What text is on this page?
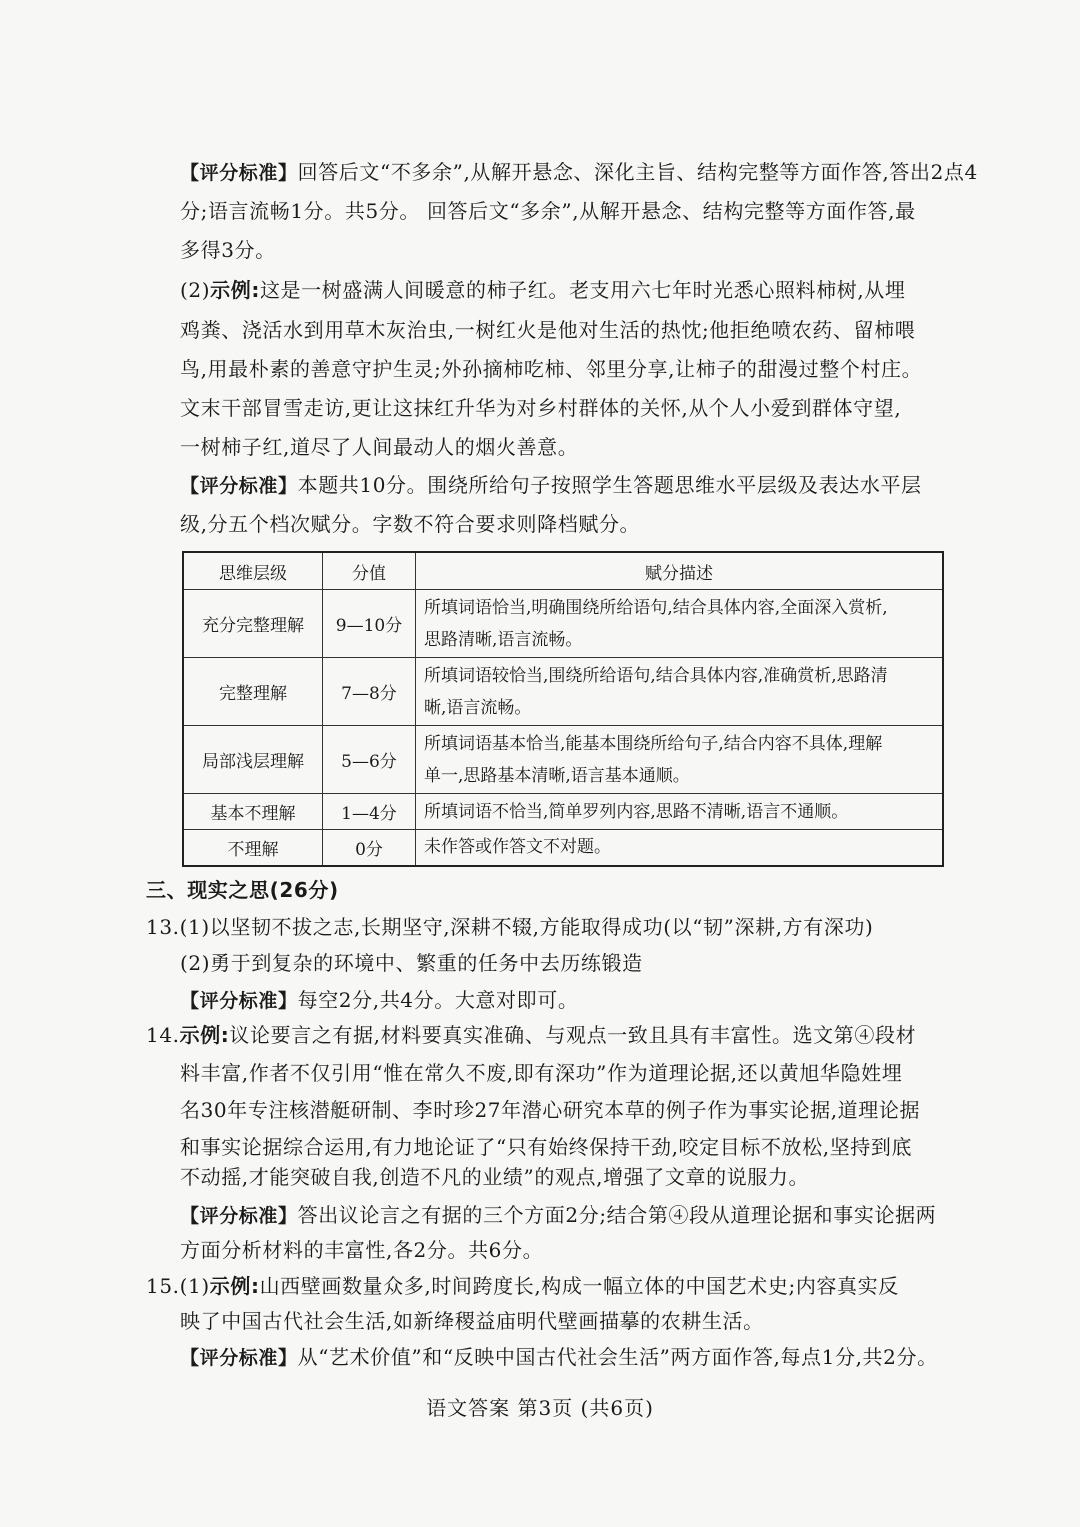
【评分标准】回答后文“不多余”,从解开悬念、深化主旨、结构完整等方面作答,答出2点4
分;语言流畅1分。共5分。 回答后文“多余”,从解开悬念、结构完整等方面作答,最
多得3分。
(2)示例:这是一树盛满人间暖意的柿子红。老支用六七年时光悉心照料柿树,从埋
鸡粪、浇活水到用草木灰治虫,一树红火是他对生活的热忱;他拒绝喷农药、留柿喂
鸟,用最朴素的善意守护生灵;外孙摘柿吃柿、邻里分享,让柿子的甜漫过整个村庄。
文末干部冒雪走访,更让这抹红升华为对乡村群体的关怀,从个人小爱到群体守望,
一树柿子红,道尽了人间最动人的烟火善意。
【评分标准】本题共10分。围绕所给句子按照学生答题思维水平层级及表达水平层
级,分五个档次赋分。字数不符合要求则降档赋分。
思维层级	分值	赋分描述
充分完整理解	9—10分	所填词语恰当,明确围绕所给语句,结合具体内容,全面深入赏析,
思路清晰,语言流畅。
完整理解	7—8分	所填词语较恰当,围绕所给语句,结合具体内容,准确赏析,思路清
晰,语言流畅。
局部浅层理解	5—6分	所填词语基本恰当,能基本围绕所给句子,结合内容不具体,理解
单一,思路基本清晰,语言基本通顺。
基本不理解	1—4分	所填词语不恰当,简单罗列内容,思路不清晰,语言不通顺。
不理解	0分	未作答或作答文不对题。
三、现实之思(26分)
13.(1)以坚韧不拔之志,长期坚守,深耕不辍,方能取得成功(以“韧”深耕,方有深功)
(2)勇于到复杂的环境中、繁重的任务中去历练锻造
【评分标准】每空2分,共4分。大意对即可。
14.示例:议论要言之有据,材料要真实准确、与观点一致且具有丰富性。选文第④段材
料丰富,作者不仅引用“惟在常久不废,即有深功”作为道理论据,还以黄旭华隐姓埋
名30年专注核潜艇研制、李时珍27年潜心研究本草的例子作为事实论据,道理论据
和事实论据综合运用,有力地论证了“只有始终保持干劲,咬定目标不放松,坚持到底
不动摇,才能突破自我,创造不凡的业绩”的观点,增强了文章的说服力。
【评分标准】答出议论言之有据的三个方面2分;结合第④段从道理论据和事实论据两
方面分析材料的丰富性,各2分。共6分。
15.(1)示例:山西壁画数量众多,时间跨度长,构成一幅立体的中国艺术史;内容真实反
映了中国古代社会生活,如新绛稷益庙明代壁画描摹的农耕生活。
【评分标准】从“艺术价值”和“反映中国古代社会生活”两方面作答,每点1分,共2分。
语文答案 第3页 (共6页)
